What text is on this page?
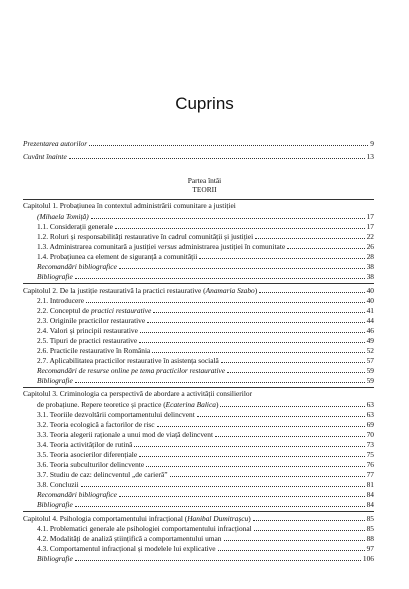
Cuprins
Prezentarea autorilor	9
Cuvânt înainte	13
Partea întâi
TEORII
Capitolul 1. Probațiunea în contextul administrării comunitare a justiției
(Mihaela Tomiță)	17
1.1. Considerații generale	17
1.2. Roluri și responsabilități restaurative în cadrul comunității și justiției	22
1.3. Administrarea comunitară a justiției versus administrarea justiției în comunitate	26
1.4. Probațiunea ca element de siguranță a comunității	28
Recomandări bibliografice	38
Bibliografie	38
Capitolul 2. De la justiție restaurativă la practici restaurative (Anamaria Szabo)	40
2.1. Introducere	40
2.2. Conceptul de practici restaurative	41
2.3. Originile practicilor restaurative	44
2.4. Valori și principii restaurative	46
2.5. Tipuri de practici restaurative	49
2.6. Practicile restaurative în România	52
2.7. Aplicabilitatea practicilor restaurative în asistența socială	57
Recomandări de resurse online pe tema practicilor restaurative	59
Bibliografie	59
Capitolul 3. Criminologia ca perspectivă de abordare a activității consilierilor
de probațiune. Repere teoretice și practice (Ecaterina Balica)	63
3.1. Teoriile dezvoltării comportamentului delincvent	63
3.2. Teoria ecologică a factorilor de risc	69
3.3. Teoria alegerii raționale a unui mod de viață delincvent	70
3.4. Teoria activităților de rutină	73
3.5. Teoria asocierilor diferențiale	75
3.6. Teoria subculturilor delincvente	76
3.7. Studiu de caz: delincventul „de carieră”	77
3.8. Concluzii	81
Recomandări bibliografice	84
Bibliografie	84
Capitolul 4. Psihologia comportamentului infracțional (Hanibal Dumitrașcu)	85
4.1. Problematici generale ale psihologiei comportamentului infracțional	85
4.2. Modalități de analiză științifică a comportamentului uman	88
4.3. Comportamentul infracțional și modelele lui explicative	97
Bibliografie	106
